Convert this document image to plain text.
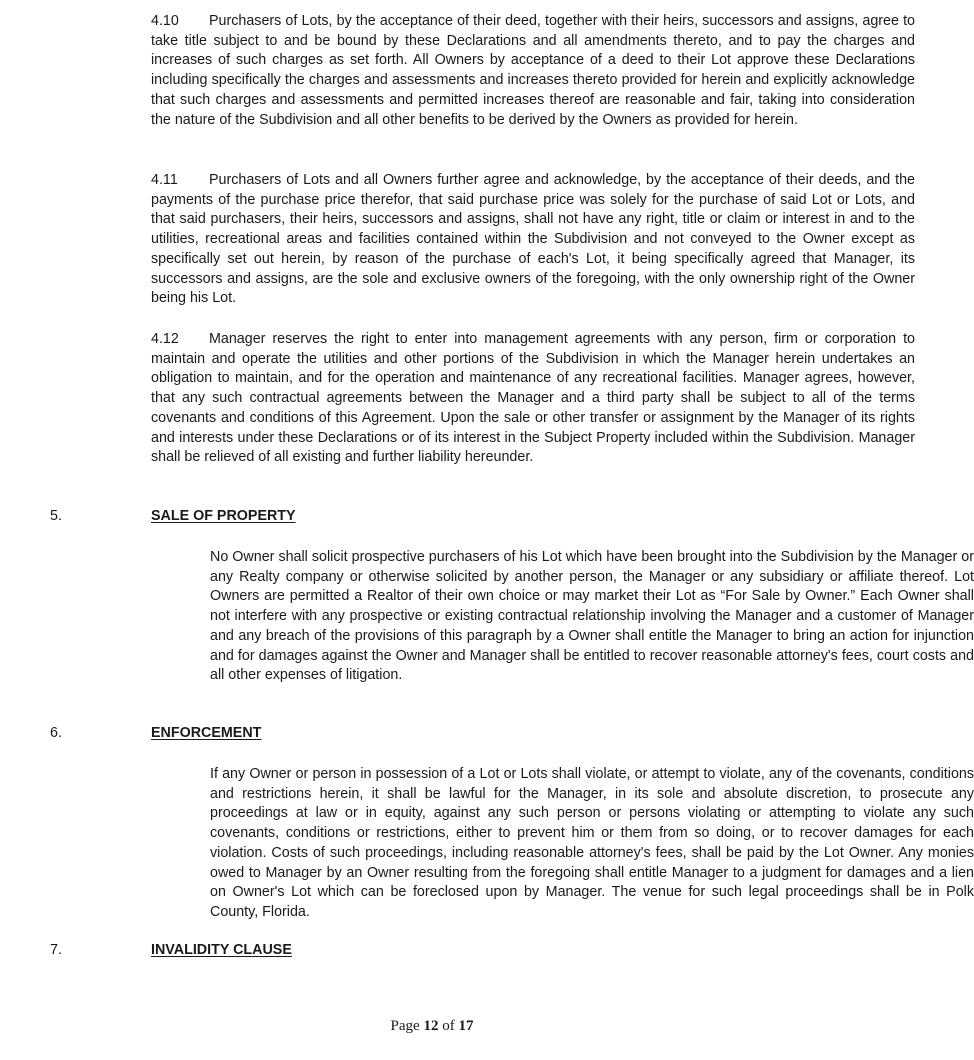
4.10 Purchasers of Lots, by the acceptance of their deed, together with their heirs, successors and assigns, agree to take title subject to and be bound by these Declarations and all amendments thereto, and to pay the charges and increases of such charges as set forth. All Owners by acceptance of a deed to their Lot approve these Declarations including specifically the charges and assessments and increases thereto provided for herein and explicitly acknowledge that such charges and assessments and permitted increases thereof are reasonable and fair, taking into consideration the nature of the Subdivision and all other benefits to be derived by the Owners as provided for herein.

4.11 Purchasers of Lots and all Owners further agree and acknowledge, by the acceptance of their deeds, and the payments of the purchase price therefor, that said purchase price was solely for the purchase of said Lot or Lots, and that said purchasers, their heirs, successors and assigns, shall not have any right, title or claim or interest in and to the utilities, recreational areas and facilities contained within the Subdivision and not conveyed to the Owner except as specifically set out herein, by reason of the purchase of each's Lot, it being specifically agreed that Manager, its successors and assigns, are the sole and exclusive owners of the foregoing, with the only ownership right of the Owner being his Lot.

4.12 Manager reserves the right to enter into management agreements with any person, firm or corporation to maintain and operate the utilities and other portions of the Subdivision in which the Manager herein undertakes an obligation to maintain, and for the operation and maintenance of any recreational facilities. Manager agrees, however, that any such contractual agreements between the Manager and a third party shall be subject to all of the terms covenants and conditions of this Agreement. Upon the sale or other transfer or assignment by the Manager of its rights and interests under these Declarations or of its interest in the Subject Property included within the Subdivision. Manager shall be relieved of all existing and further liability hereunder.

5.	SALE OF PROPERTY

No Owner shall solicit prospective purchasers of his Lot which have been brought into the Subdivision by the Manager or any Realty company or otherwise solicited by another person, the Manager or any subsidiary or affiliate thereof. Lot Owners are permitted a Realtor of their own choice or may market their Lot as “For Sale by Owner.” Each Owner shall not interfere with any prospective or existing contractual relationship involving the Manager and a customer of Manager and any breach of the provisions of this paragraph by a Owner shall entitle the Manager to bring an action for injunction and for damages against the Owner and Manager shall be entitled to recover reasonable attorney's fees, court costs and all other expenses of litigation.

6.	ENFORCEMENT

If any Owner or person in possession of a Lot or Lots shall violate, or attempt to violate, any of the covenants, conditions and restrictions herein, it shall be lawful for the Manager, in its sole and absolute discretion, to prosecute any proceedings at law or in equity, against any such person or persons violating or attempting to violate any such covenants, conditions or restrictions, either to prevent him or them from so doing, or to recover damages for each violation. Costs of such proceedings, including reasonable attorney's fees, shall be paid by the Lot Owner. Any monies owed to Manager by an Owner resulting from the foregoing shall entitle Manager to a judgment for damages and a lien on Owner's Lot which can be foreclosed upon by Manager. The venue for such legal proceedings shall be in Polk County, Florida.

7.	INVALIDITY CLAUSE
Page 12 of 17
